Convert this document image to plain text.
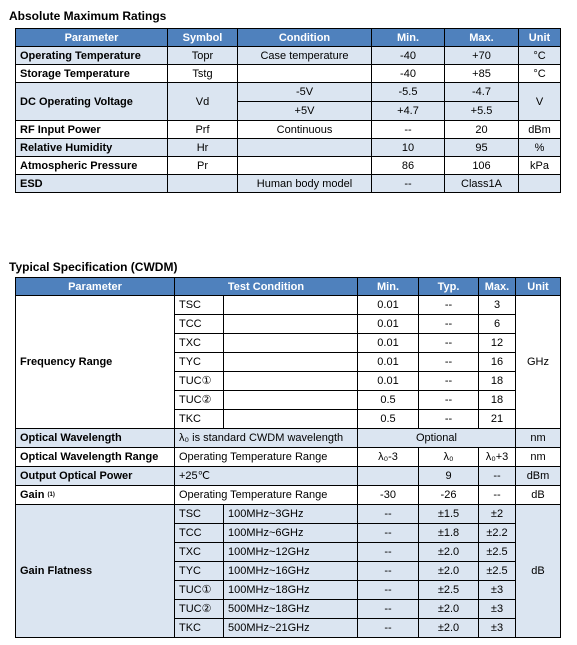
Absolute Maximum Ratings
Parameter	Symbol	Condition	Min.	Max.	Unit
Operating Temperature	Topr	Case temperature	-40	+70	°C
Storage Temperature	Tstg		-40	+85	°C
DC Operating Voltage	Vd	-5V	-5.5	-4.7	V
		+5V	+4.7	+5.5	
RF Input Power	Prf	Continuous	--	20	dBm
Relative Humidity	Hr		10	95	%
Atmospheric Pressure	Pr		86	106	kPa
ESD		Human body model	--	Class1A	
Typical Specification (CWDM)
Parameter	Test Condition		Min.	Typ.	Max.	Unit
Frequency Range	TSC		0.01	--	3	GHz
	TCC		0.01	--	6	
	TXC		0.01	--	12	
	TYC		0.01	--	16	
	TUC①		0.01	--	18	
	TUC②		0.5	--	18	
	TKC		0.5	--	21	
Optical Wavelength	λ₀ is standard CWDM wavelength		Optional			nm
Optical Wavelength Range	Operating Temperature Range		λ₀-3	λ₀	λ₀+3	nm
Output Optical Power	+25℃			9	--	dBm
Gain $^{(1)}$	Operating Temperature Range		-30	-26	--	dB
Gain Flatness	TSC	100MHz~3GHz	--	±1.5	±2	dB
	TCC	100MHz~6GHz	--	±1.8	±2.2	
	TXC	100MHz~12GHz	--	±2.0	±2.5	
	TYC	100MHz~16GHz	--	±2.0	±2.5	
	TUC①	100MHz~18GHz	--	±2.5	±3	
	TUC②	500MHz~18GHz	--	±2.0	±3	
	TKC	500MHz~21GHz	--	±2.0	±3	
